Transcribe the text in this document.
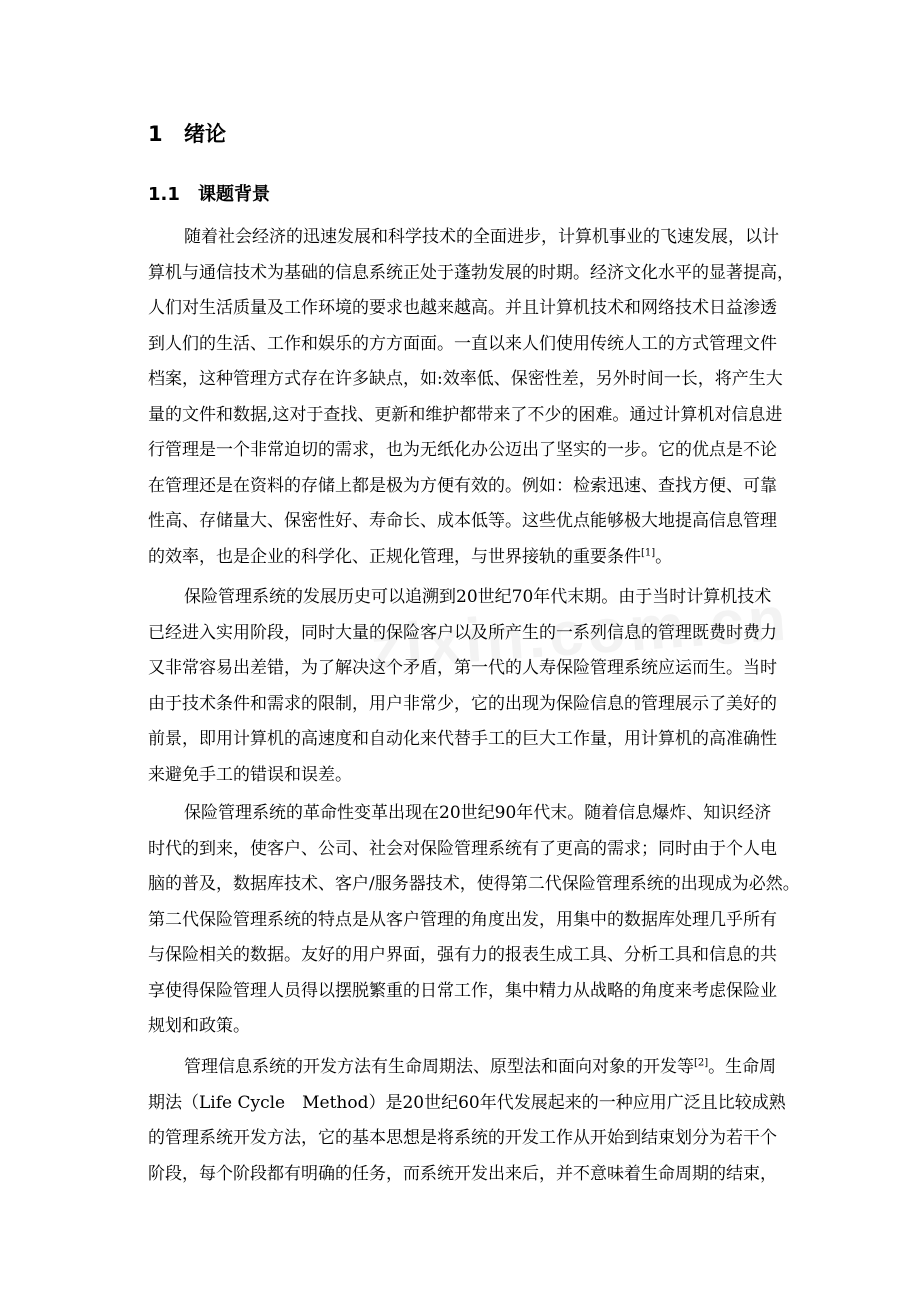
1 绪论
1.1 课题背景
随着社会经济的迅速发展和科学技术的全面进步，计算机事业的飞速发展，以计
算机与通信技术为基础的信息系统正处于蓬勃发展的时期。经济文化水平的显著提高，
人们对生活质量及工作环境的要求也越来越高。并且计算机技术和网络技术日益渗透
到人们的生活、工作和娱乐的方方面面。一直以来人们使用传统人工的方式管理文件
档案，这种管理方式存在许多缺点，如:效率低、保密性差，另外时间一长，将产生大
量的文件和数据,这对于查找、更新和维护都带来了不少的困难。通过计算机对信息进
行管理是一个非常迫切的需求，也为无纸化办公迈出了坚实的一步。它的优点是不论
在管理还是在资料的存储上都是极为方便有效的。例如：检索迅速、查找方便、可靠
性高、存储量大、保密性好、寿命长、成本低等。这些优点能够极大地提高信息管理
的效率，也是企业的科学化、正规化管理，与世界接轨的重要条件[1]。
保险管理系统的发展历史可以追溯到20世纪70年代末期。由于当时计算机技术
已经进入实用阶段，同时大量的保险客户以及所产生的一系列信息的管理既费时费力
又非常容易出差错，为了解决这个矛盾，第一代的人寿保险管理系统应运而生。当时
由于技术条件和需求的限制，用户非常少，它的出现为保险信息的管理展示了美好的
前景，即用计算机的高速度和自动化来代替手工的巨大工作量，用计算机的高准确性
来避免手工的错误和误差。
保险管理系统的革命性变革出现在20世纪90年代末。随着信息爆炸、知识经济
时代的到来，使客户、公司、社会对保险管理系统有了更高的需求；同时由于个人电
脑的普及，数据库技术、客户/服务器技术，使得第二代保险管理系统的出现成为必然。
第二代保险管理系统的特点是从客户管理的角度出发，用集中的数据库处理几乎所有
与保险相关的数据。友好的用户界面，强有力的报表生成工具、分析工具和信息的共
享使得保险管理人员得以摆脱繁重的日常工作，集中精力从战略的角度来考虑保险业
规划和政策。
管理信息系统的开发方法有生命周期法、原型法和面向对象的开发等[2]。生命周
期法（Life Cycle　Method）是20世纪60年代发展起来的一种应用广泛且比较成熟
的管理系统开发方法，它的基本思想是将系统的开发工作从开始到结束划分为若干个
阶段，每个阶段都有明确的任务，而系统开发出来后，并不意味着生命周期的结束，
